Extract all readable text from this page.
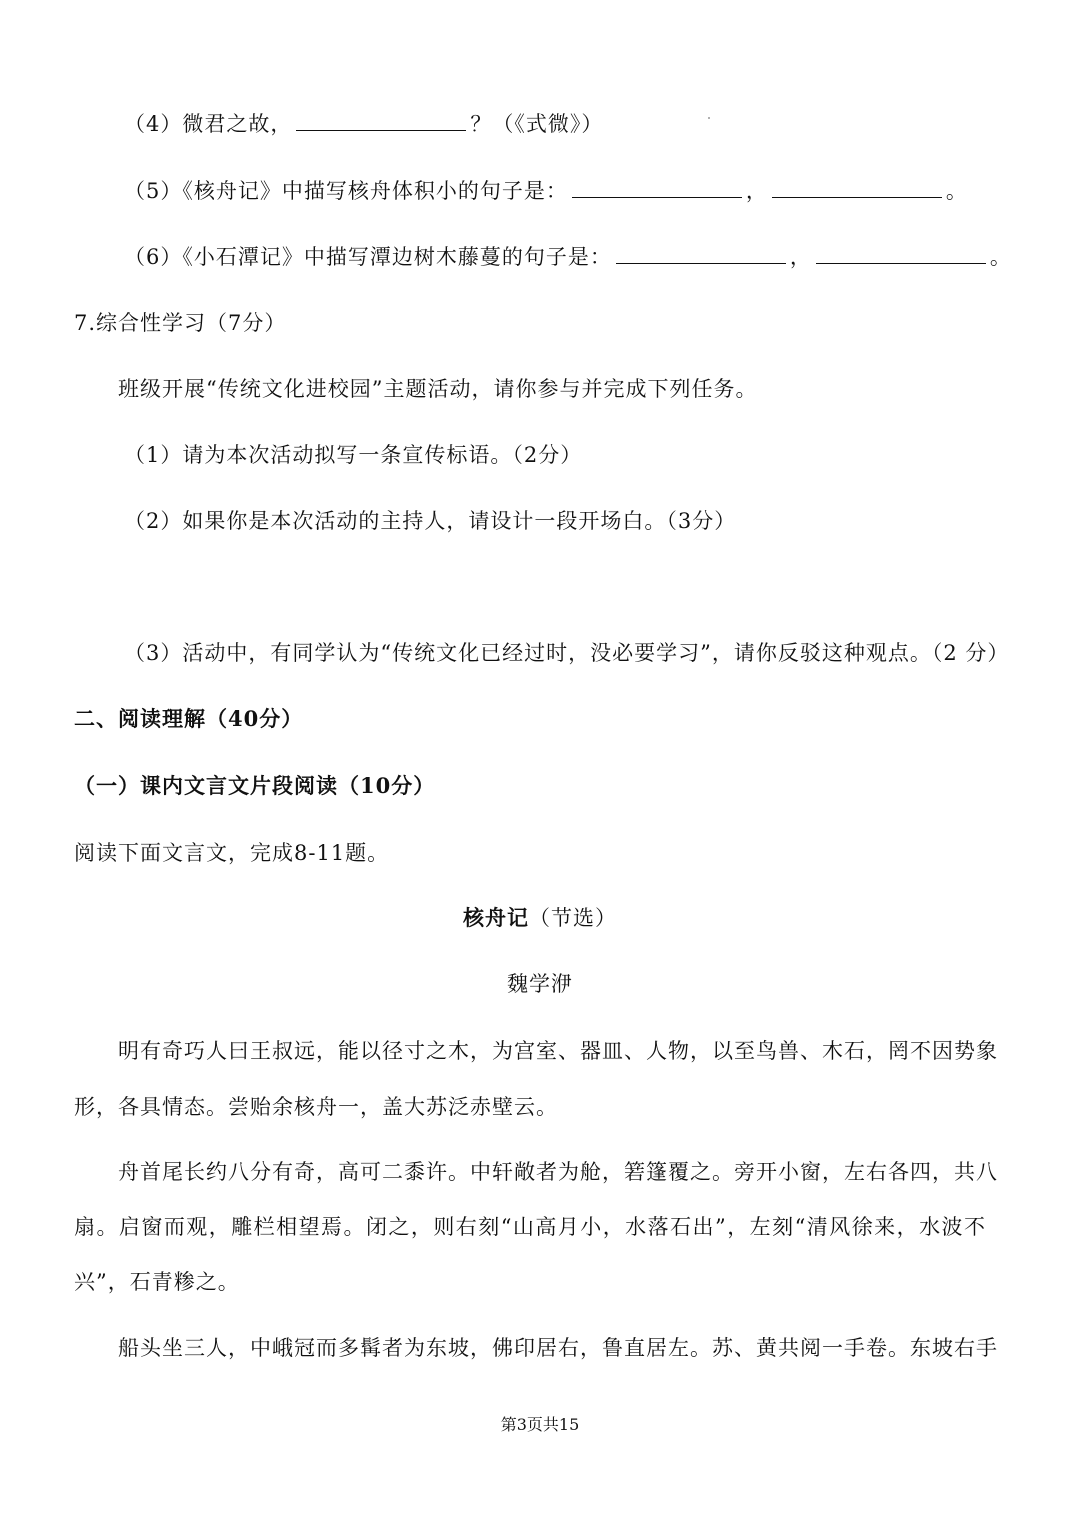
（4）微君之故，	？（《式微》）
（5）《核舟记》中描写核舟体积小的句子是：	，	。
（6）《小石潭记》中描写潭边树木藤蔓的句子是：	，	。
7.综合性学习（7分）
班级开展“传统文化进校园”主题活动，请你参与并完成下列任务。
（1）请为本次活动拟写一条宣传标语。（2分）
（2）如果你是本次活动的主持人，请设计一段开场白。（3分）
（3）活动中，有同学认为“传统文化已经过时，没必要学习”，请你反驳这种观点。（2 分）
二、阅读理解（40分）
（一）课内文言文片段阅读（10分）
阅读下面文言文，完成8-11题。
核舟记（节选）
魏学洢
明有奇巧人曰王叔远，能以径寸之木，为宫室、器皿、人物，以至鸟兽、木石，罔不因势象
形，各具情态。尝贻余核舟一，盖大苏泛赤壁云。
舟首尾长约八分有奇，高可二黍许。中轩敞者为舱，箬篷覆之。旁开小窗，左右各四，共八
扇。启窗而观，雕栏相望焉。闭之，则右刻“山高月小，水落石出”，左刻“清风徐来，水波不
兴”，石青糁之。
船头坐三人，中峨冠而多髯者为东坡，佛印居右，鲁直居左。苏、黄共阅一手卷。东坡右手
第3页共15
